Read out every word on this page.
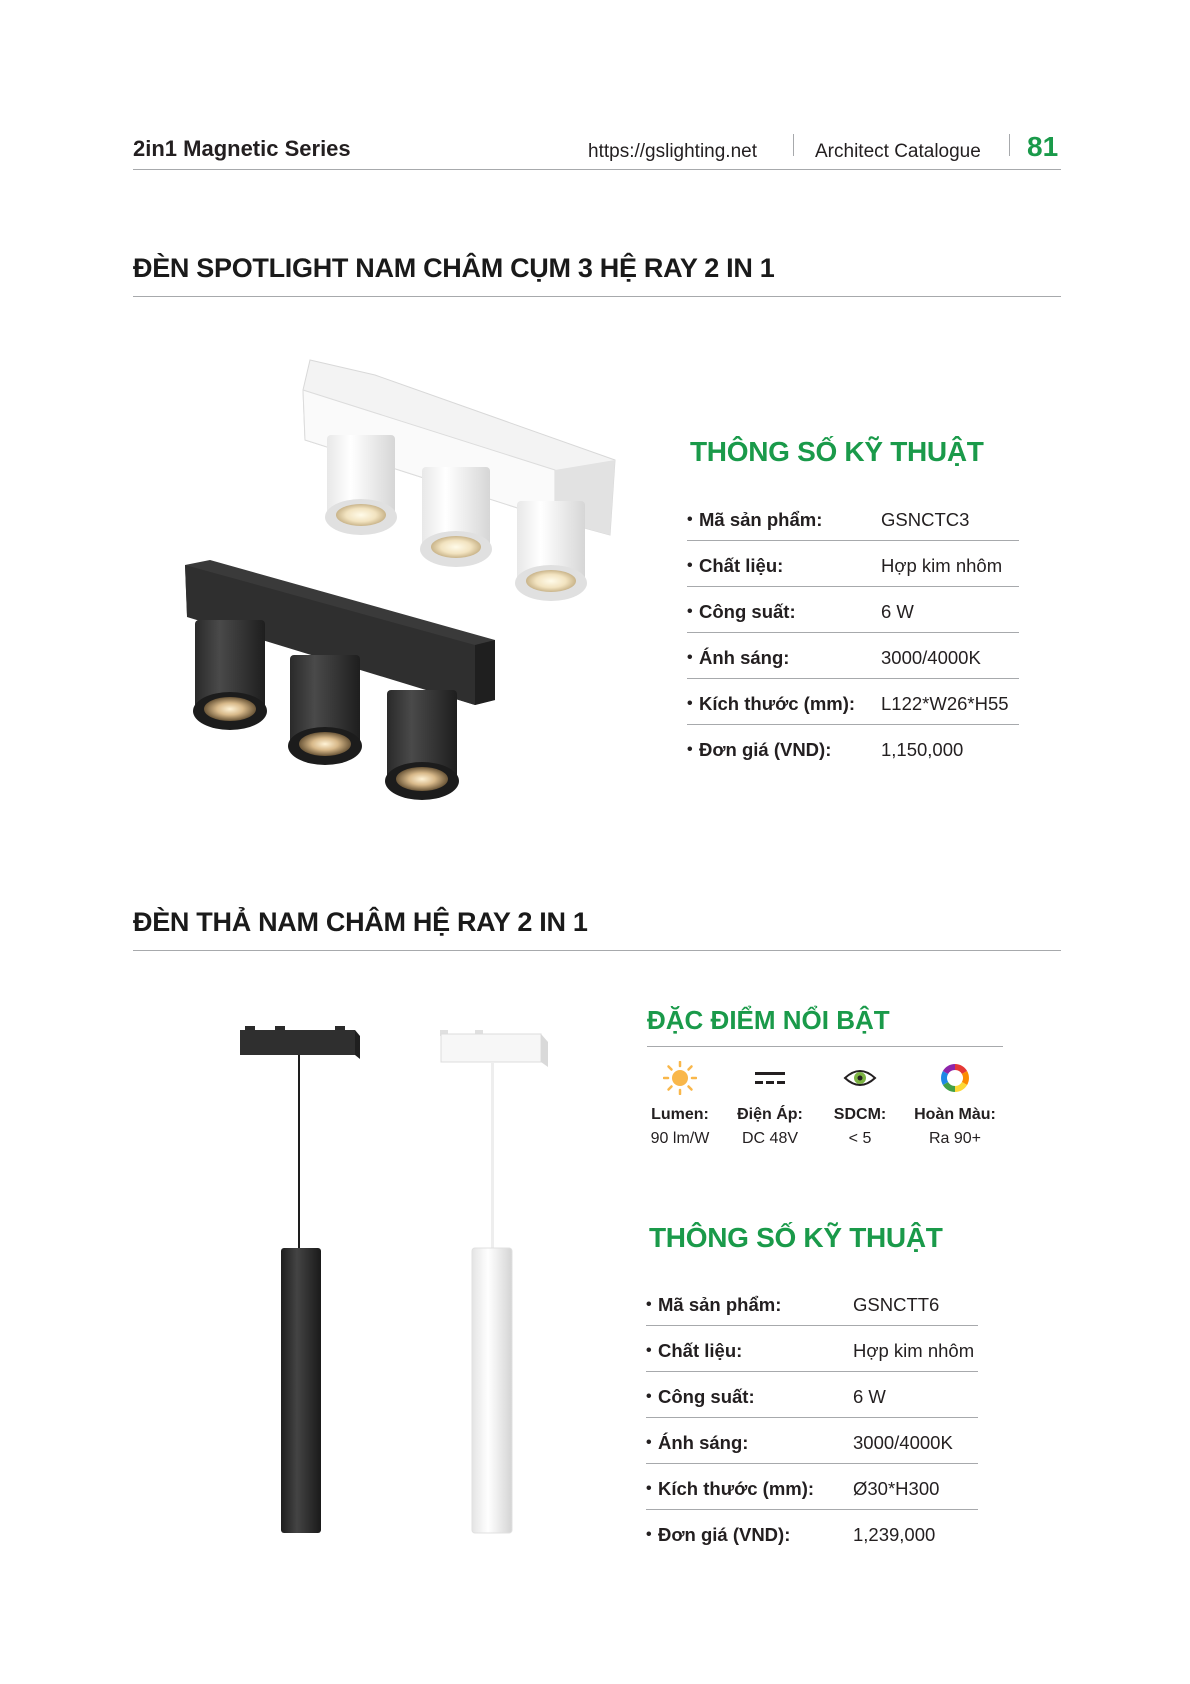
2in1 Magnetic Series	https://gslighting.net	Architect Catalogue 81
ĐÈN SPOTLIGHT NAM CHÂM CỤM 3 HỆ RAY 2 IN 1
THÔNG SỐ KỸ THUẬT
• Mã sản phẩm:	GSNCTC3
• Chất liệu:	Hợp kim nhôm
• Công suất:	6 W
• Ánh sáng:	3000/4000K
• Kích thước (mm): L122*W26*H55
• Đơn giá (VND):	1,150,000
ĐÈN THẢ NAM CHÂM HỆ RAY 2 IN 1
ĐẶC ĐIỂM NỔI BẬT
Lumen:
90 lm/W
Điện Áp:
DC 48V
SDCM:
< 5
Hoàn Màu:
Ra 90+
THÔNG SỐ KỸ THUẬT
• Mã sản phẩm:	GSNCTT6
• Chất liệu:	Hợp kim nhôm
• Công suất:	6 W
• Ánh sáng:	3000/4000K
• Kích thước (mm): Ø30*H300
• Đơn giá (VND):	1,239,000
